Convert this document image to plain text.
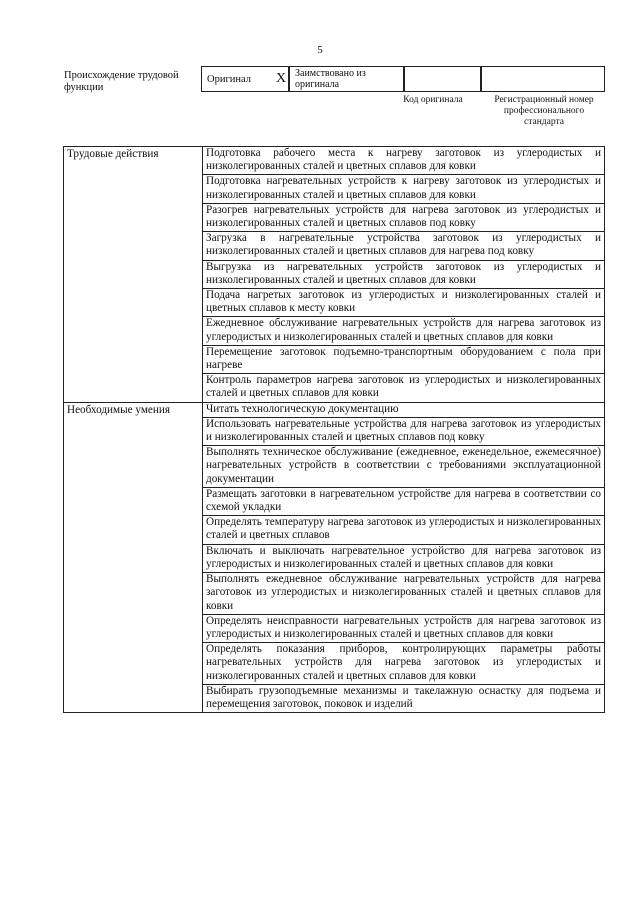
5
Происхождение трудовой функции
Оригинал X Заимствовано из оригинала
Код оригинала	Регистрационный номер профессионального стандарта
Трудовые действия	Подготовка рабочего места к нагреву заготовок из углеродистых и низколегированных сталей и цветных сплавов для ковки
	Подготовка нагревательных устройств к нагреву заготовок из углеродистых и низколегированных сталей и цветных сплавов для ковки
	Разогрев нагревательных устройств для нагрева заготовок из углеродистых и низколегированных сталей и цветных сплавов под ковку
	Загрузка в нагревательные устройства заготовок из углеродистых и низколегированных сталей и цветных сплавов для нагрева под ковку
	Выгрузка из нагревательных устройств заготовок из углеродистых и низколегированных сталей и цветных сплавов для ковки
	Подача нагретых заготовок из углеродистых и низколегированных сталей и цветных сплавов к месту ковки
	Ежедневное обслуживание нагревательных устройств для нагрева заготовок из углеродистых и низколегированных сталей и цветных сплавов для ковки
	Перемещение заготовок подъемно-транспортным оборудованием с пола при нагреве
	Контроль параметров нагрева заготовок из углеродистых и низколегированных сталей и цветных сплавов для ковки
Необходимые умения	Читать технологическую документацию
	Использовать нагревательные устройства для нагрева заготовок из углеродистых и низколегированных сталей и цветных сплавов под ковку
	Выполнять техническое обслуживание (ежедневное, еженедельное, ежемесячное) нагревательных устройств в соответствии с требованиями эксплуатационной документации
	Размещать заготовки в нагревательном устройстве для нагрева в соответствии со схемой укладки
	Определять температуру нагрева заготовок из углеродистых и низколегированных сталей и цветных сплавов
	Включать и выключать нагревательное устройство для нагрева заготовок из углеродистых и низколегированных сталей и цветных сплавов для ковки
	Выполнять ежедневное обслуживание нагревательных устройств для нагрева заготовок из углеродистых и низколегированных сталей и цветных сплавов для ковки
	Определять неисправности нагревательных устройств для нагрева заготовок из углеродистых и низколегированных сталей и цветных сплавов для ковки
	Определять показания приборов, контролирующих параметры работы нагревательных устройств для нагрева заготовок из углеродистых и низколегированных сталей и цветных сплавов для ковки
	Выбирать грузоподъемные механизмы и такелажную оснастку для подъема и перемещения заготовок, поковок и изделий
